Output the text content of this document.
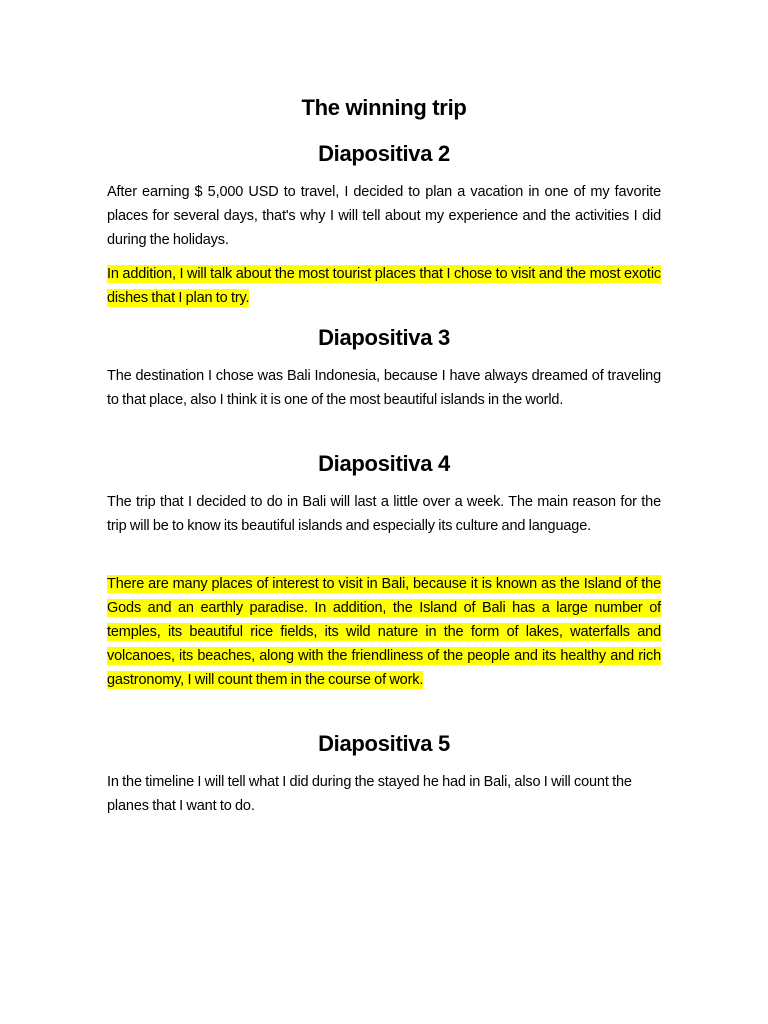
The winning trip
Diapositiva 2

After earning $ 5,000 USD to travel, I decided to plan a vacation in one of my favorite places for several days, that's why I will tell about my experience and the activities I did during the holidays.

In addition, I will talk about the most tourist places that I chose to visit and the most exotic dishes that I plan to try.

Diapositiva 3

The destination I chose was Bali Indonesia, because I have always dreamed of traveling to that place, also I think it is one of the most beautiful islands in the world.

Diapositiva 4

The trip that I decided to do in Bali will last a little over a week. The main reason for the trip will be to know its beautiful islands and especially its culture and language.

There are many places of interest to visit in Bali, because it is known as the Island of the Gods and an earthly paradise. In addition, the Island of Bali has a large number of temples, its beautiful rice fields, its wild nature in the form of lakes, waterfalls and volcanoes, its beaches, along with the friendliness of the people and its healthy and rich gastronomy, I will count them in the course of work.

Diapositiva 5

In the timeline I will tell what I did during the stayed he had in Bali, also I will count the planes that I want to do.
